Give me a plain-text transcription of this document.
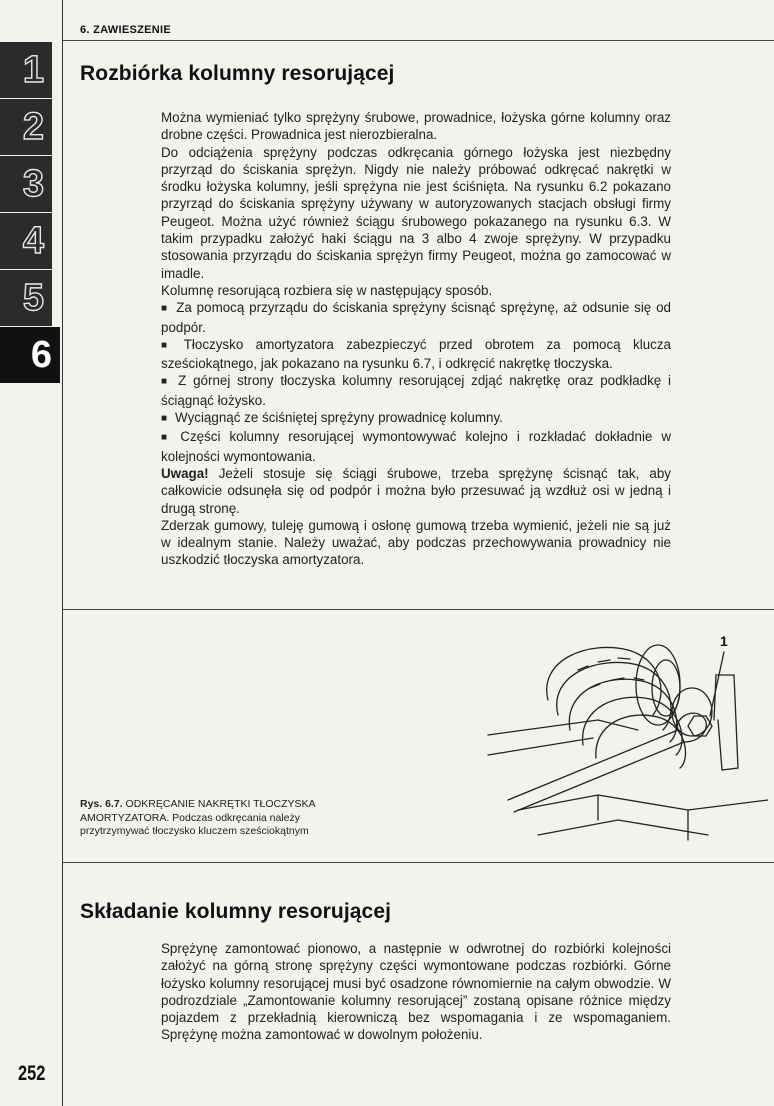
6. ZAWIESZENIE
1
2
3
4
5
6
Rozbiórka kolumny resorującej

Można wymieniać tylko sprężyny śrubowe, prowadnice, łożyska górne kolumny oraz drobne części. Prowadnica jest nierozbieralna.

Do odciążenia sprężyny podczas odkręcania górnego łożyska jest niezbędny przyrząd do ściskania sprężyn. Nigdy nie należy próbować odkręcać nakrętki w środku łożyska kolumny, jeśli sprężyna nie jest ściśnięta. Na rysunku 6.2 pokazano przyrząd do ściskania sprężyny używany w autoryzowanych stacjach obsługi firmy Peugeot. Można użyć również ściągu śrubowego pokazanego na rysunku 6.3. W takim przypadku założyć haki ściągu na 3 albo 4 zwoje sprężyny. W przypadku stosowania przyrządu do ściskania sprężyn firmy Peugeot, można go zamocować w imadle.

Kolumnę resorującą rozbiera się w następujący sposób.

■ Za pomocą przyrządu do ściskania sprężyny ścisnąć sprężynę, aż odsunie się od podpór.

■ Tłoczysko amortyzatora zabezpieczyć przed obrotem za pomocą klucza sześciokątnego, jak pokazano na rysunku 6.7, i odkręcić nakrętkę tłoczyska.

■ Z górnej strony tłoczyska kolumny resorującej zdjąć nakrętkę oraz podkładkę i ściągnąć łożysko.

■ Wyciągnąć ze ściśniętej sprężyny prowadnicę kolumny.

■ Części kolumny resorującej wymontowywać kolejno i rozkładać dokładnie w kolejności wymontowania.

Uwaga! Jeżeli stosuje się ściągi śrubowe, trzeba sprężynę ścisnąć tak, aby całkowicie odsunęła się od podpór i można było przesuwać ją wzdłuż osi w jedną i drugą stronę.

Zderzak gumowy, tuleję gumową i osłonę gumową trzeba wymienić, jeżeli nie są już w idealnym stanie. Należy uważać, aby podczas przechowywania prowadnicy nie uszkodzić tłoczyska amortyzatora.

1
Rys. 6.7. ODKRĘCANIE NAKRĘTKI TŁOCZYSKA AMORTYZATORA. Podczas odkręcania należy przytrzymywać tłoczysko kluczem sześciokątnym
Składanie kolumny resorującej

Sprężynę zamontować pionowo, a następnie w odwrotnej do rozbiórki kolejności założyć na górną stronę sprężyny części wymontowane podczas rozbiórki. Górne łożysko kolumny resorującej musi być osadzone równomiernie na całym obwodzie. W podrozdziale „Zamontowanie kolumny resorującej” zostaną opisane różnice między pojazdem z przekładnią kierowniczą bez wspomagania i ze wspomaganiem. Sprężynę można zamontować w dowolnym położeniu.

252
